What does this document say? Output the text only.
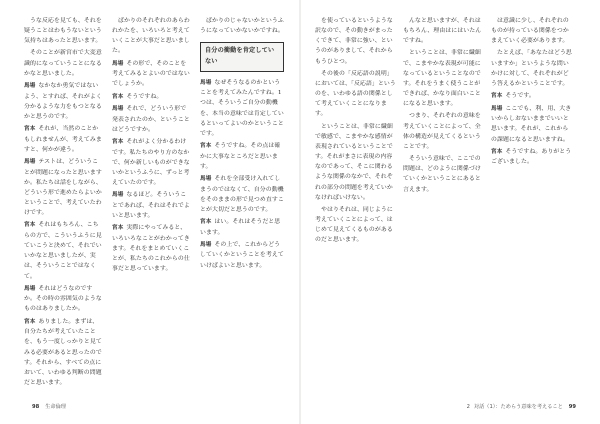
うな反応を見ても、それを疑うことはわもうないという気持ちはあったと思います。

そのことが新宮市で大変意識的になっていうことになるかなと思いました。

馬場 なかなか勇気ではないよう、とすれば、それがよく分かるような力をもつとなるかと思うのです。

宮本 それが、当然のことかもしれませんが、考えてみますと、何かが違う。

馬場 テストは、どういうことが問題になったと思いますか。私たちは話をしながら、どういう形で進めたらよいかということで、考えていたわけです。

宮本 それはもちろん、こちらの方で、こういうふうに見ていこうと決めて、それでいいかなと思いましたが、実は、そういうことではなくて。

馬場 それはどうなのですか。その時の雰囲気のようなものはありましたか。

宮本 ありました。まずは、自分たちが考えていたことを、もう一度しっかりと見てみる必要があると思ったのです。それから、すべての点において、いわゆる判断の問題だと思います。

ばかりのそれぞれのあらわれかたを、いろいろと考えていくことが大事だと思いました。

馬場 その形で、そのことを考えてみるとよいのではないでしょうか。

宮本 そうですね。

馬場 それで、どういう形で発表されたのか、ということはどうですか。

宮本 それがよく分かるわけです。私たちのやり方のなかで、何か新しいものができないかというふうに、ずっと考えていたのです。

馬場 なるほど。そういうことであれば、それはそれでよいと思います。

宮本 実際にやってみると、いろいろなことがわかってきます。それをまとめていくことが、私たちのこれからの仕事だと思っています。

ばかりのじゃないかというふうになっていかないかですね。

自分の衝動を肯定していない

馬場 なぜそうなるのかということを考えてみたんですね。1つは、そういうご自分の動機を、本当の意味では肯定しているといってよいのかということです。

宮本 そうですね。その点は確かに大事なところだと思います。

馬場 それを全部受け入れてしまうのではなくて、自分の動機をそのままの形で見つめ直すことが大切だと思うのです。

宮本 はい。それはそうだと思います。

馬場 その上で、これからどうしていくかということを考えていけばよいと思います。

98 生命倫理

を使っているというような訳なので、その動きがまったくできて、非常に強い、というのがありまして、それからもうひとつ。

その後の「反応語の説明」においては、「反応語」というのを、いわゆる語の関係として考えていくことになります。

ということは、非常に繊細で敏感で、こまやかな感情が表現されているということです。それがまさに表現の内容なのであって、そこに関わるような関係のなかで、それぞれの部分の問題を考えていかなければいけない。

やはりそれは、同じように考えていくことによって、はじめて見えてくるものがあるのだと思います。

んなと思いますが、それはもちろん、理由はにはいたんですね。

ということは、非常に繊細で、こまやかな表現が可能になっているということなのです。それをうまく使うことができれば、かなり面白いことになると思います。

つまり、それぞれの意味を考えていくことによって、全体の構造が見えてくるということです。

そういう意味で、ここでの問題は、どのように関係づけていくかということにあると言えます。

は意識に少し、それぞれのものが持っている関係をつかまえていく必要があります。

たとえば、「あなたはどう思いますか」というような問いかけに対して、それぞれがどう答えるかということです。

宮本 そうです。

馬場 ここでも、利、用、大きいからしおないままでいいと思います。それが、これからの課題になると思いますね。

宮本 そうですね。ありがとうございました。

2 対話（1）：ためらう意味を考えること 99
